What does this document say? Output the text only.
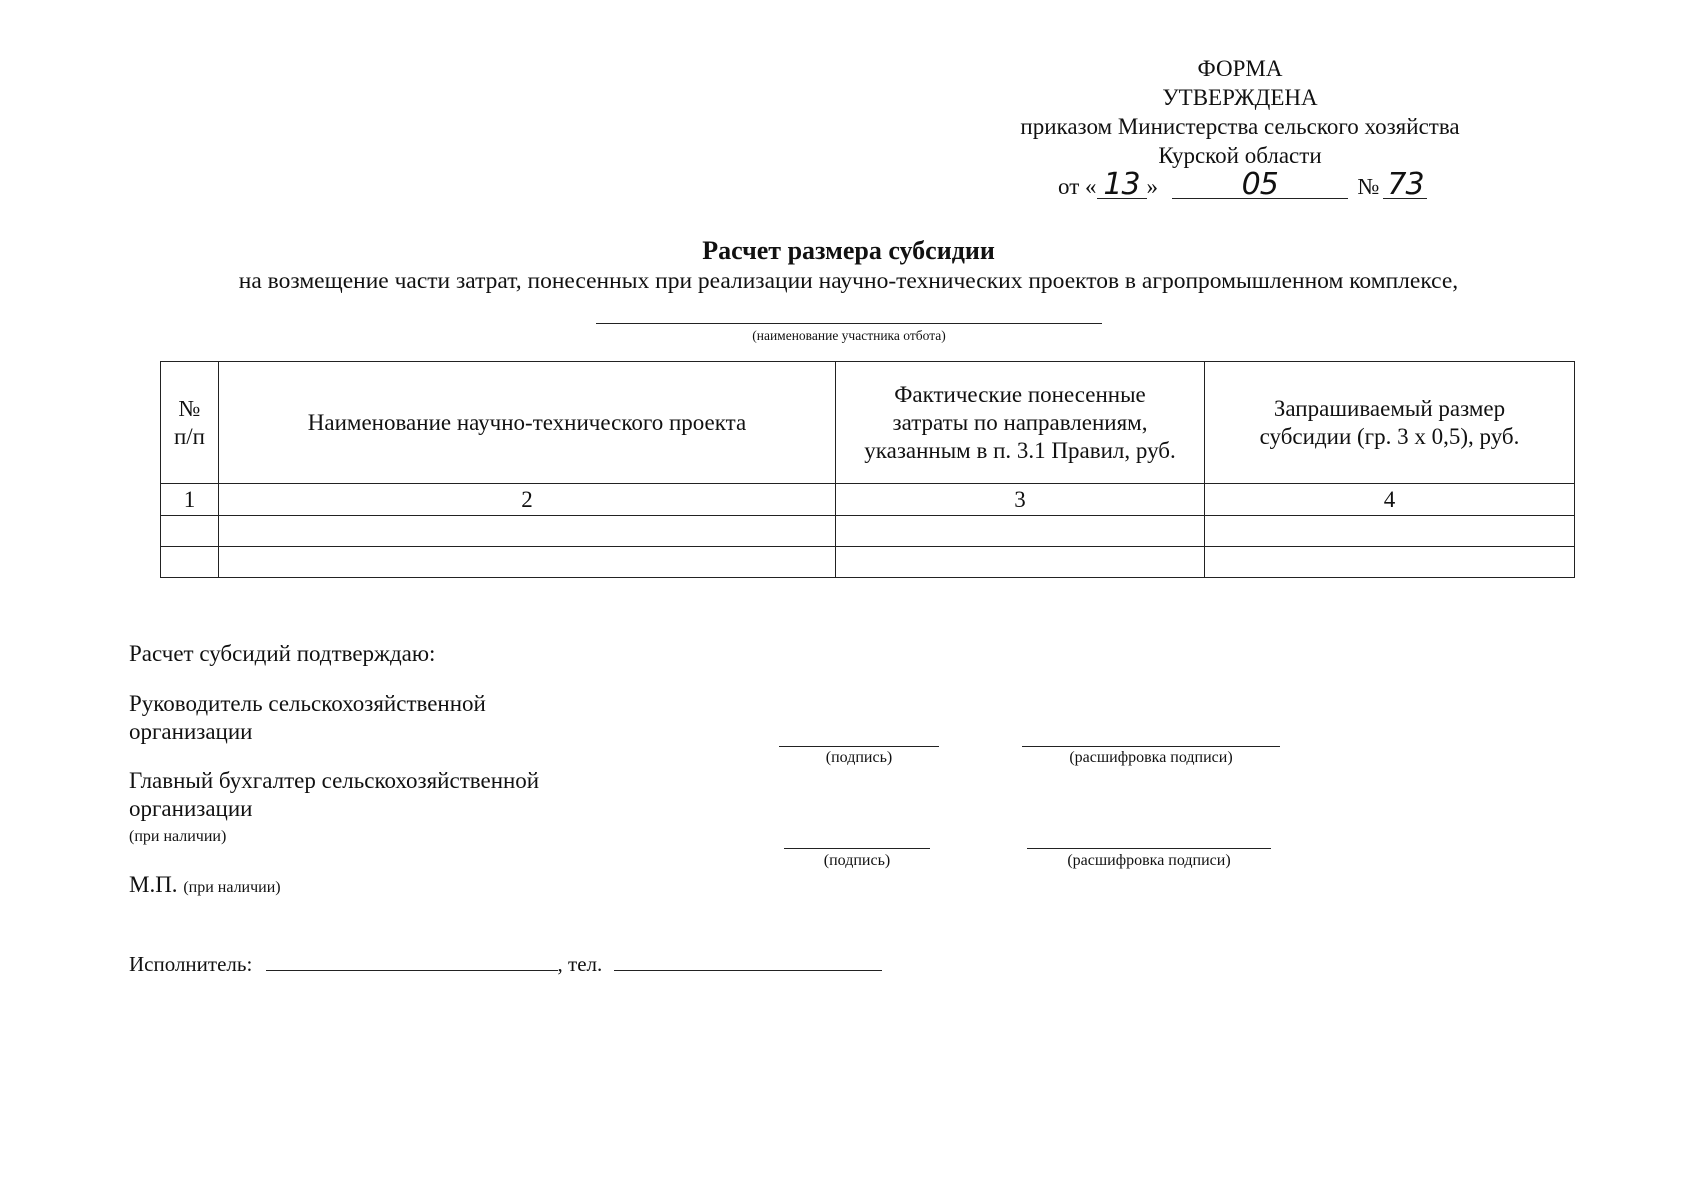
ФОРМА
УТВЕРЖДЕНА
приказом Министерства сельского хозяйства
Курской области
от « 13 »	05	№ 73
Расчет размера субсидии
на возмещение части затрат, понесенных при реализации научно-технических проектов в агропромышленном комплексе,
(наименование участника отбота)
№ п/п	Наименование научно-технического проекта	Фактические понесенные затраты по направлениям, указанным в п. 3.1 Правил, руб.	Запрашиваемый размер субсидии (гр. 3 х 0,5), руб.
1	2	3	4

Расчет субсидий подтверждаю:
Руководитель сельскохозяйственной
организации
(подпись)	(расшифровка подписи)
Главный бухгалтер сельскохозяйственной
организации
(при наличии)
(подпись)	(расшифровка подписи)
М.П. (при наличии)
Исполнитель:	, тел.
